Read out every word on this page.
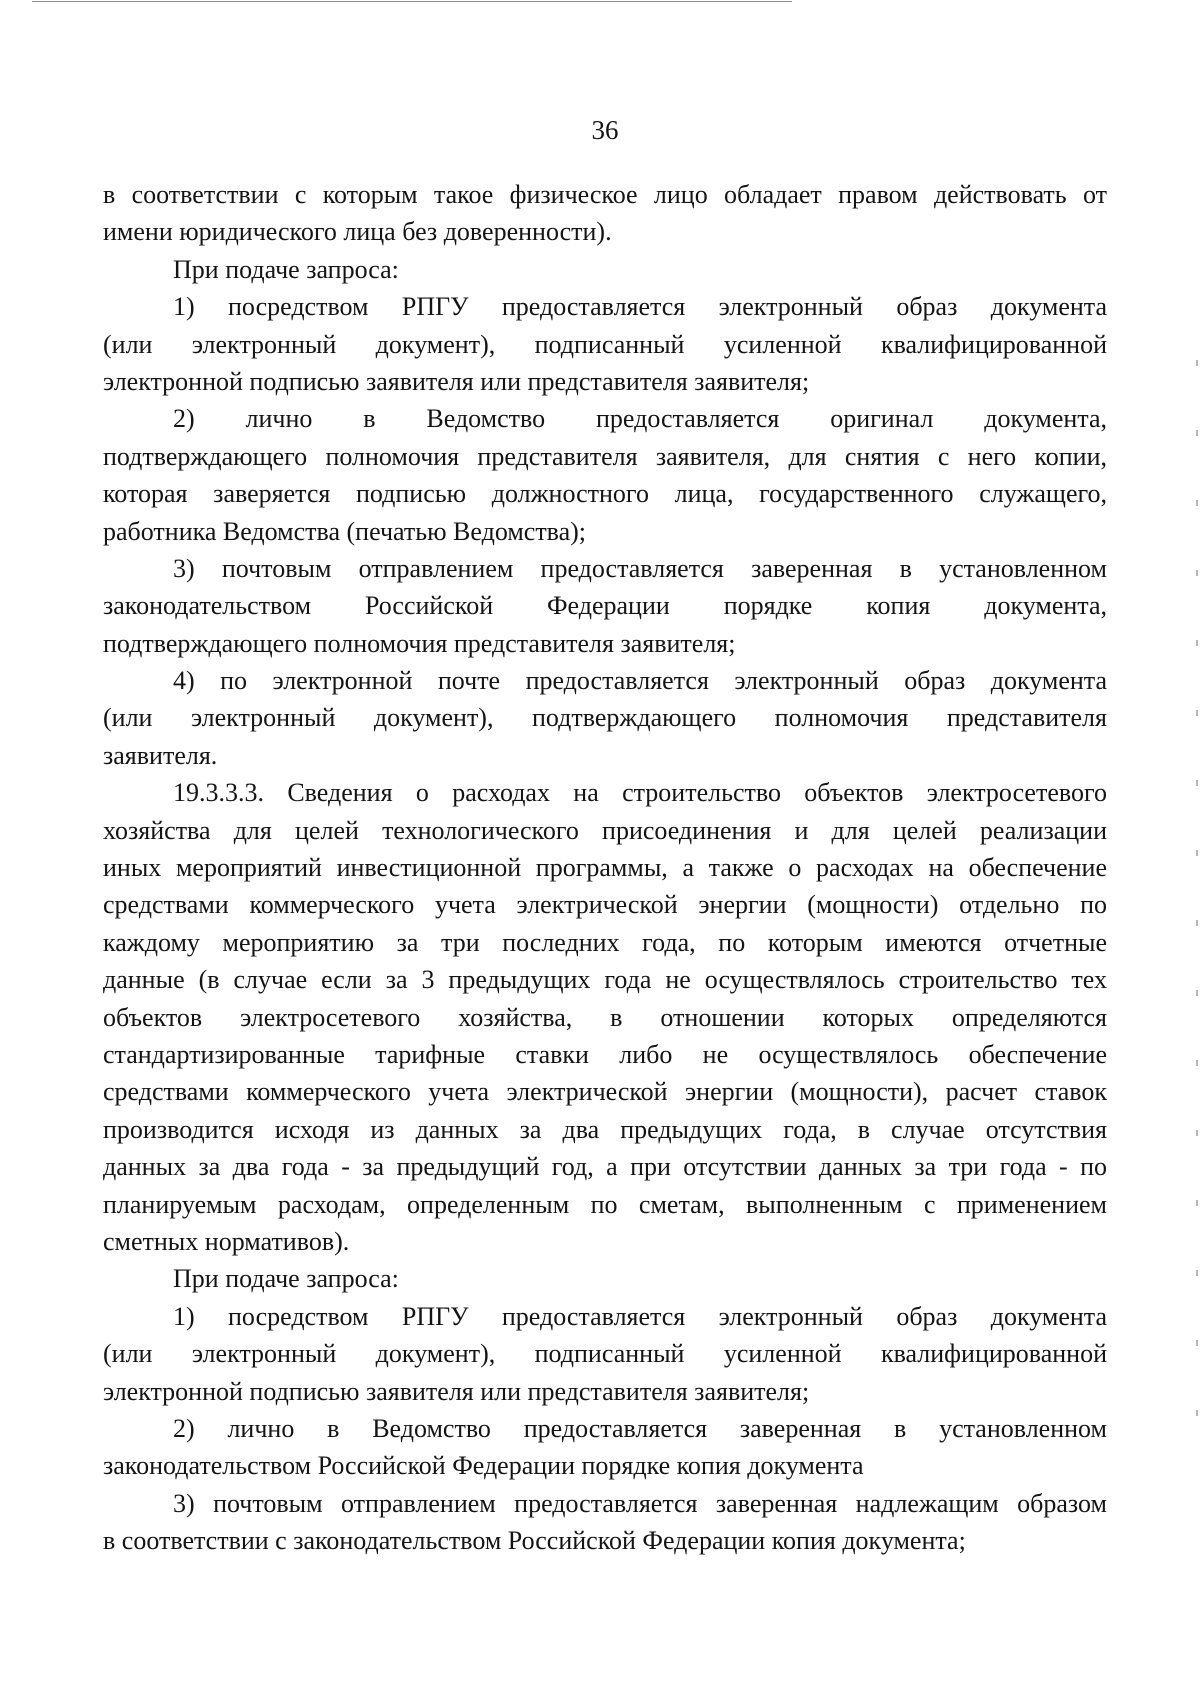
36
в соответствии с которым такое физическое лицо обладает правом действовать от
имени юридического лица без доверенности).
При подаче запроса:
1) посредством РПГУ предоставляется электронный образ документа
(или электронный документ), подписанный усиленной квалифицированной
электронной подписью заявителя или представителя заявителя;
2) лично в Ведомство предоставляется оригинал документа,
подтверждающего полномочия представителя заявителя, для снятия с него копии,
которая заверяется подписью должностного лица, государственного служащего,
работника Ведомства (печатью Ведомства);
3) почтовым отправлением предоставляется заверенная в установленном
законодательством Российской Федерации порядке копия документа,
подтверждающего полномочия представителя заявителя;
4) по электронной почте предоставляется электронный образ документа
(или электронный документ), подтверждающего полномочия представителя
заявителя.
19.3.3.3. Сведения о расходах на строительство объектов электросетевого
хозяйства для целей технологического присоединения и для целей реализации
иных мероприятий инвестиционной программы, а также о расходах на обеспечение
средствами коммерческого учета электрической энергии (мощности) отдельно по
каждому мероприятию за три последних года, по которым имеются отчетные
данные (в случае если за 3 предыдущих года не осуществлялось строительство тех
объектов электросетевого хозяйства, в отношении которых определяются
стандартизированные тарифные ставки либо не осуществлялось обеспечение
средствами коммерческого учета электрической энергии (мощности), расчет ставок
производится исходя из данных за два предыдущих года, в случае отсутствия
данных за два года - за предыдущий год, а при отсутствии данных за три года - по
планируемым расходам, определенным по сметам, выполненным с применением
сметных нормативов).
При подаче запроса:
1) посредством РПГУ предоставляется электронный образ документа
(или электронный документ), подписанный усиленной квалифицированной
электронной подписью заявителя или представителя заявителя;
2) лично в Ведомство предоставляется заверенная в установленном
законодательством Российской Федерации порядке копия документа
3) почтовым отправлением предоставляется заверенная надлежащим образом
в соответствии с законодательством Российской Федерации копия документа;
